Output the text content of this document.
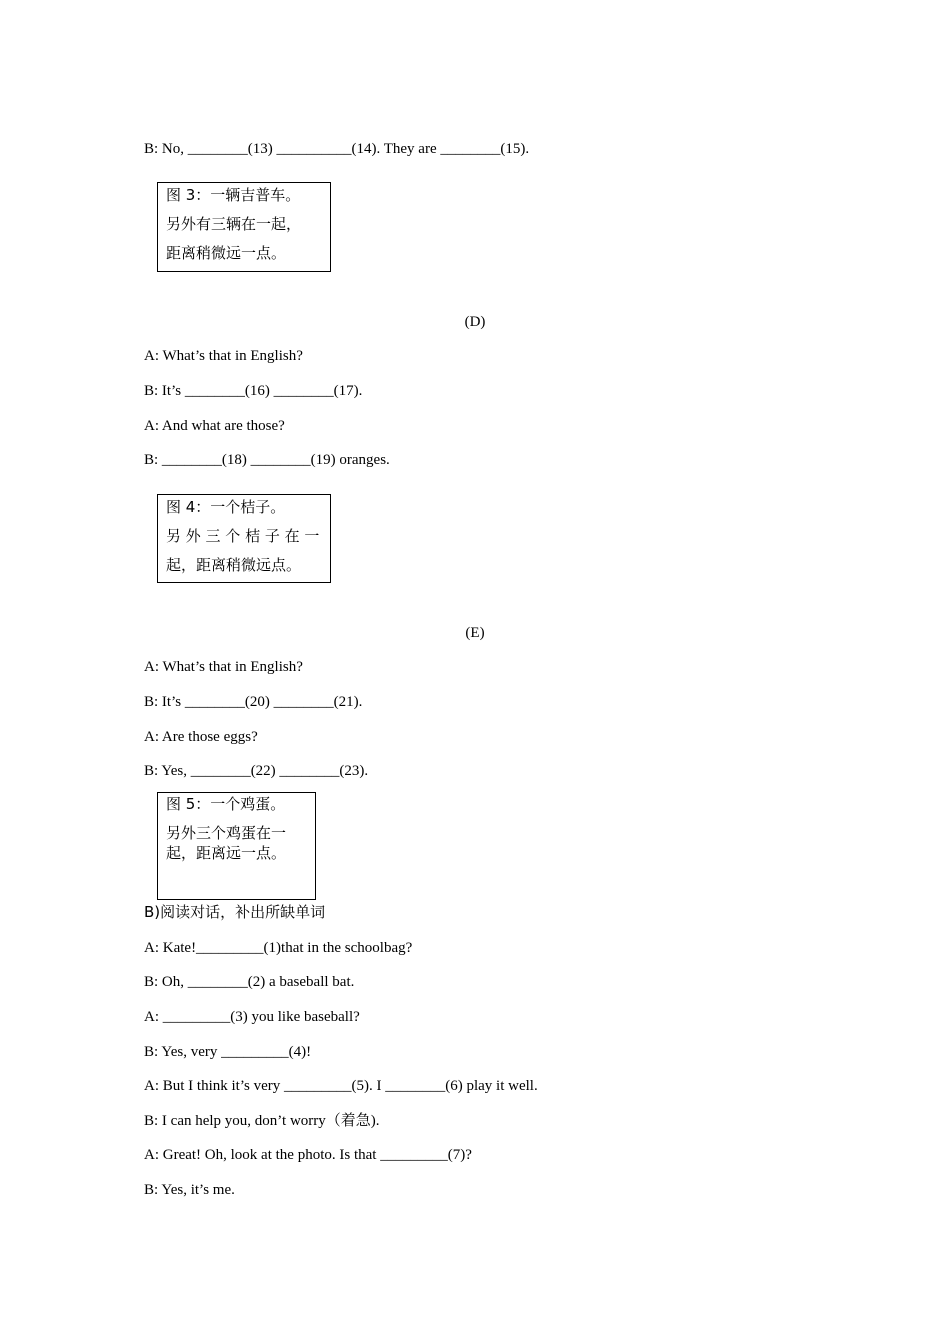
B: No, ________(13) __________(14). They are ________(15).
图 3：一辆吉普车。
另外有三辆在一起，
距离稍微远一点。
(D)
A: What’s that in English?
B: It’s ________(16) ________(17).
A: And what are those?
B: ________(18) ________(19) oranges.
图 4：一个桔子。
另 外 三 个 桔 子 在 一
起，距离稍微远点。
(E)
A: What’s that in English?
B: It’s ________(20) ________(21).
A: Are those eggs?
B: Yes, ________(22) ________(23).
图 5：一个鸡蛋。
另外三个鸡蛋在一
起，距离远一点。
B)阅读对话，补出所缺单词
A: Kate!_________(1)that in the schoolbag?
B: Oh, ________(2) a baseball bat.
A: _________(3) you like baseball?
B: Yes, very _________(4)!
A: But I think it’s very _________(5). I ________(6) play it well.
B: I can help you, don’t worry（着急).
A: Great! Oh, look at the photo. Is that _________(7)?
B: Yes, it’s me.
